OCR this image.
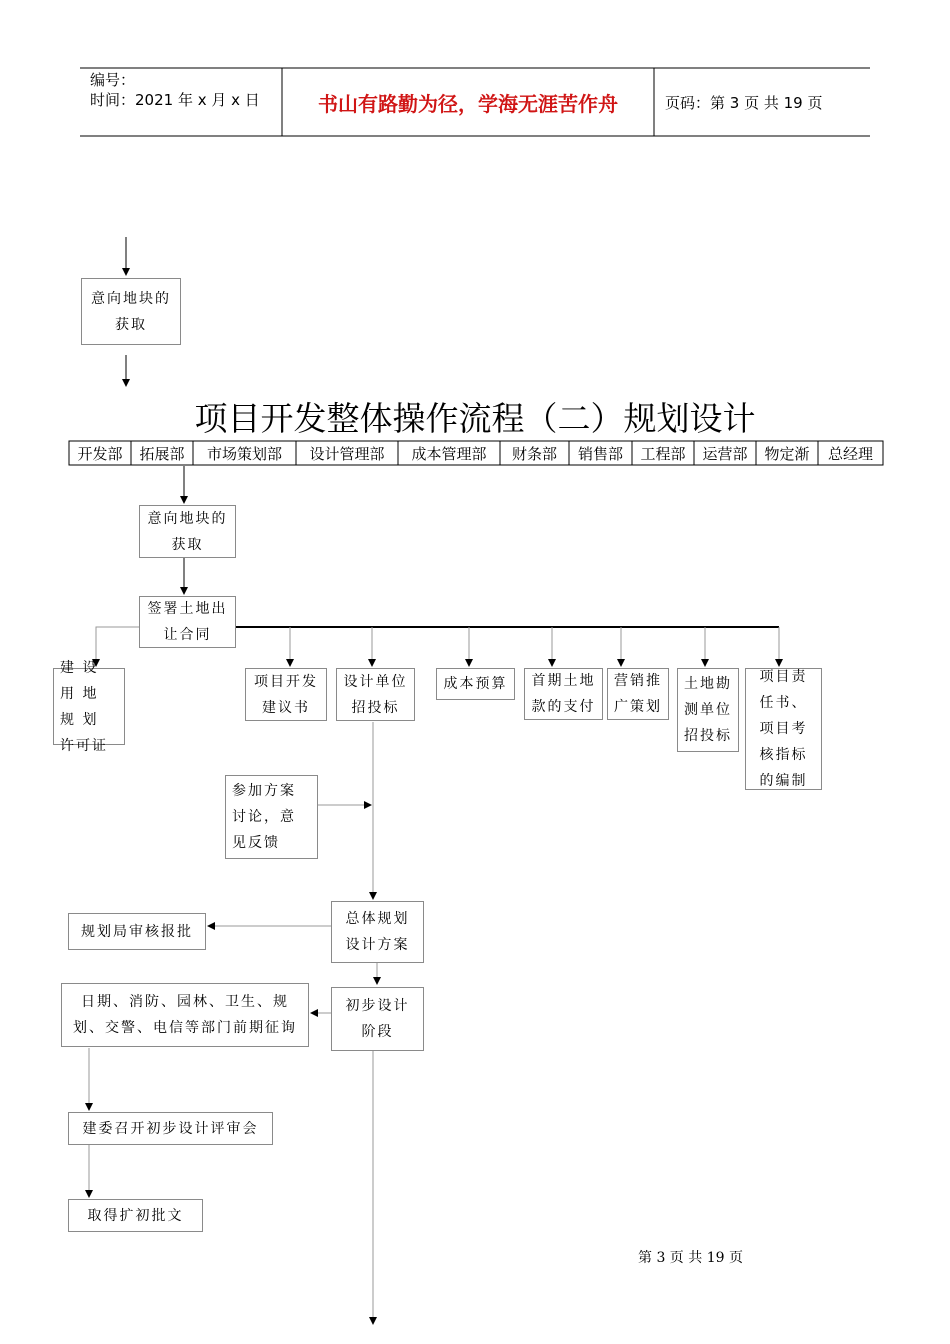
编号：
时间：2021 年 x 月 x 日	书山有路勤为径，学海无涯苦作舟	页码：第 3 页 共 19 页
意向地块的获取
项目开发整体操作流程（二）规划设计
开发部	拓展部	市场策划部	设计管理部	成本管理部	财条部	销售部	工程部	运营部	物定渐	总经理
意向地块的获取
签署土地出让合同
建 设 用 地 规 划 许可证
项目开发建议书
设计单位招投标
成本预算 首期土地款的支付
营销推广策划
土地勘测单位招投标
项目责任书、项目考核指标的编制
参加方案讨论，意见反馈
总体规划设计方案
规划局审核报批
初步设计阶段
日期、消防、园林、卫生、规划、交警、电信等部门前期征询
建委召开初步设计评审会
取得扩初批文
第 3 页 共 19 页
